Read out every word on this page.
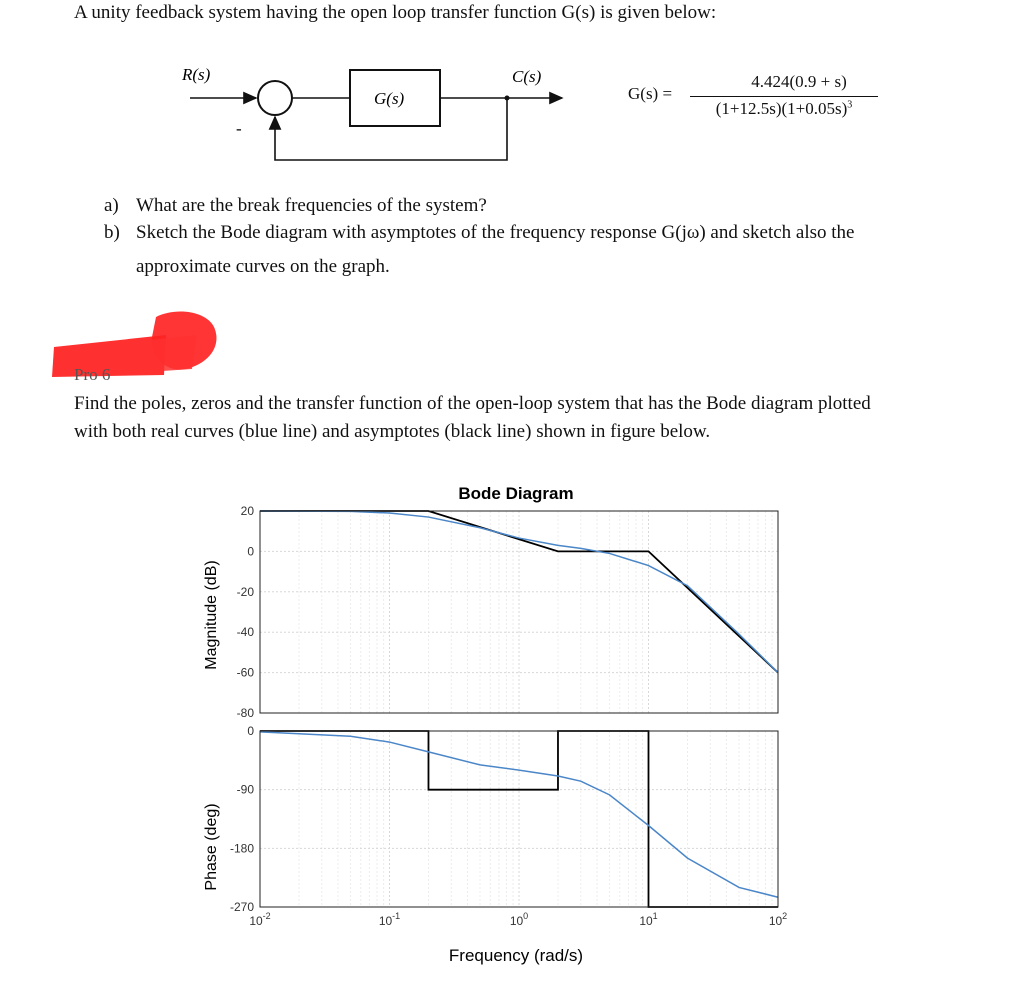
A unity feedback system having the open loop transfer function G(s) is given below:
R(s)
G(s)
C(s)
-
G(s) =
4.424(0.9 + s)
$(1+12.5s)(1+0.05s)^3$
a) What are the break frequencies of the system?
b) Sketch the Bode diagram with asymptotes of the frequency response G(jω) and sketch also the
approximate curves on the graph.
Pro 6
Find the poles, zeros and the transfer function of the open-loop system that has the Bode diagram plotted
with both real curves (blue line) and asymptotes (black line) shown in figure below.
Bode Diagram
Magnitude (dB)
Phase (deg)
Frequency (rad/s)
20
0
-20
-40
-60
-80
0
-90
-180
-270
$10^{-2}$	$10^{-1}$	$10^0$	$10^1$	$10^2$
